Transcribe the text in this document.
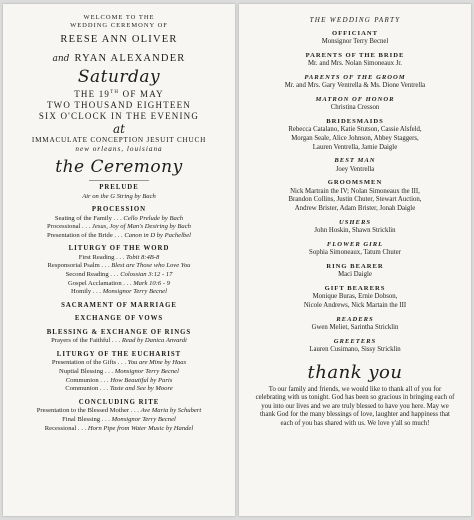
WELCOME TO THE
WEDDING CEREMONY OF
REESE ANN OLIVER
and RYAN ALEXANDER
Saturday
THE 19TH OF MAY
TWO THOUSAND EIGHTEEN
SIX O'CLOCK IN THE EVENING
at
IMMACULATE CONCEPTION JESUIT CHUCH
new orleans, louisiana
the Ceremony
PRELUDE
Air on the G String by Bach
PROCESSION
Seating of the Family . . . Cello Prelude by Bach
Processional . . . Jesus, Joy of Man's Desiring by Bach
Presentation of the Bride . . . Canon in D by Pachelbel
LITURGY OF THE WORD
First Reading . . . Tobit 8:4B-8
Responsorial Psalm . . . Blest are Those who Love You
Second Reading . . . Colossian 3:12 - 17
Gospel Acclamation . . . Mark 10:6 - 9
Homily . . . Monsignor Terry Becnel
SACRAMENT OF MARRIAGE
EXCHANGE OF VOWS
BLESSING & EXCHANGE OF RINGS
Prayers of the Faithful . . . Read by Danica Anvardi
LITURGY OF THE EUCHARIST
Presentation of the Gifts . . . You are Mine by Haas
Nuptial Blessing . . . Monsignor Terry Becnel
Communion . . . How Beautiful by Paris
Communion . . . Taste and See by Moore
CONCLUDING RITE
Presentation to the Blessed Mother . . . Ave Maria by Schubert
Final Blessing . . . Monsignor Terry Becnel
Recessional . . . Horn Pipe from Water Music by Handel
THE WEDDING PARTY
OFFICIANT
Monsignor Terry Becnel
PARENTS OF THE BRIDE
Mr. and Mrs. Nolan Simoneaux Jr.
PARENTS OF THE GROOM
Mr. and Mrs. Gary Ventrella & Ms. Dione Ventrella
MATRON OF HONOR
Christina Cresson
BRIDESMAIDS
Rebecca Catalano, Katie Stutson, Cassie Alsfeld,
Morgan Seale, Alice Johnson, Abbey Staggers,
Lauren Ventrella, Jamie Daigle
BEST MAN
Joey Ventrella
GROOMSMEN
Nick Martrain the IV; Nolan Simoneaux the III,
Brandon Collins, Justin Chuter, Stewart Auction,
Andrew Brister, Adam Brister, Jonah Daigle
USHERS
John Hoskin, Shawn Stricklin
FLOWER GIRL
Sophia Simoneaux, Tatum Chuter
RING BEARER
Maci Daigle
GIFT BEARERS
Monique Buras, Ernie Dobson,
Nicole Andrews, Nick Martain the III
READERS
Gwen Meliet, Sarintha Stricklin
GREETERS
Lauren Cusimano, Sissy Stricklin
thank you
To our family and friends, we would like to thank all of you for celebrating with us tonight. God has been so gracious in bringing each of you into our lives and we are truly blessed to have you here. May we thank God for the many blessings of love, laughter and happiness that each of you has shared with us. We love y'all so much!
